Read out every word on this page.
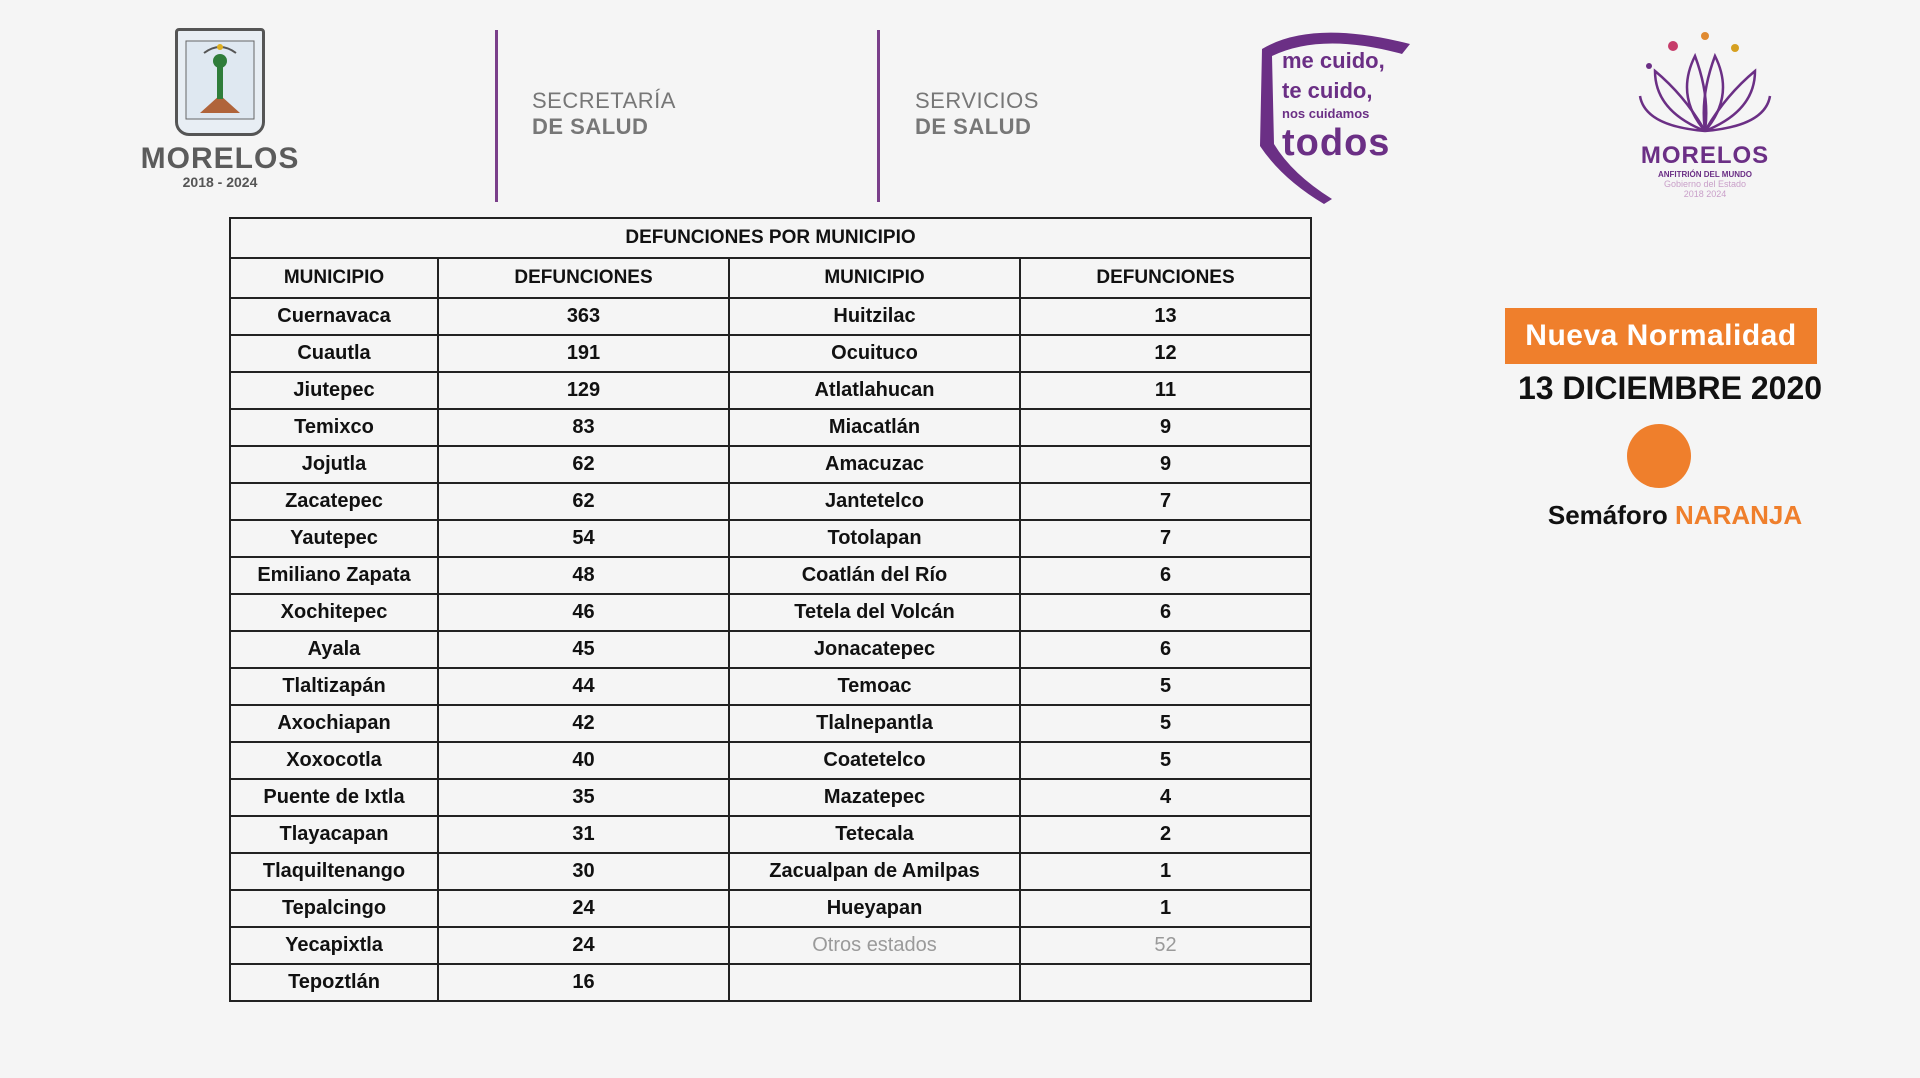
MORELOS
2018 - 2024
SECRETARÍA
DE SALUD
SERVICIOS
DE SALUD
me cuido,
te cuido,
nos cuidamos
todos	MORELOS
ANFITRIÓN DEL MUNDO
Gobierno del Estado
2018 2024
DEFUNCIONES POR MUNICIPIO			
MUNICIPIO	DEFUNCIONES	MUNICIPIO	DEFUNCIONES
Cuernavaca	363	Huitzilac	13
Cuautla	191	Ocuituco	12
Jiutepec	129	Atlatlahucan	11
Temixco	83	Miacatlán	9
Jojutla	62	Amacuzac	9
Zacatepec	62	Jantetelco	7
Yautepec	54	Totolapan	7
Emiliano Zapata	48	Coatlán del Río	6
Xochitepec	46	Tetela del Volcán	6
Ayala	45	Jonacatepec	6
Tlaltizapán	44	Temoac	5
Axochiapan	42	Tlalnepantla	5
Xoxocotla	40	Coatetelco	5
Puente de Ixtla	35	Mazatepec	4
Tlayacapan	31	Tetecala	2
Tlaquiltenango	30	Zacualpan de Amilpas	1
Tepalcingo	24	Hueyapan	1
Yecapixtla	24	Otros estados	52
Tepoztlán	16		
Nueva Normalidad
13 DICIEMBRE 2020
Semáforo NARANJA
